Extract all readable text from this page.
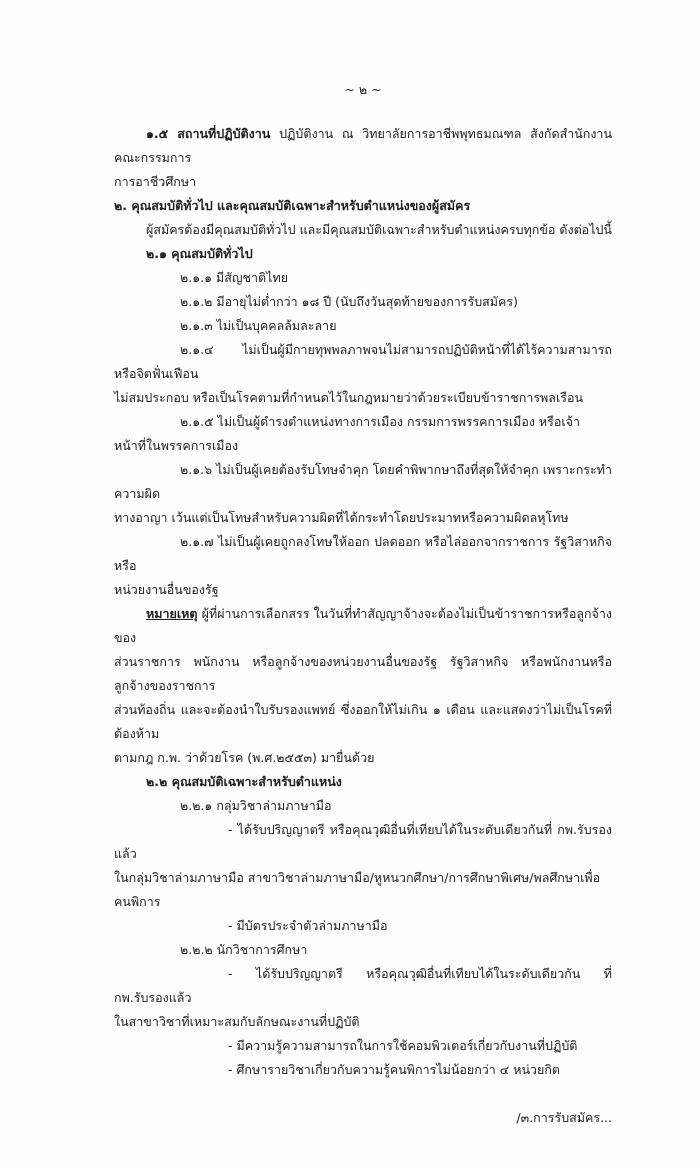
~ ๒ ~
๑.๕ สถานที่ปฏิบัติงาน ปฏิบัติงาน ณ วิทยาลัยการอาชีพพุทธมณฑล สังกัดสำนักงานคณะกรรมการ
การอาชีวศึกษา
๒. คุณสมบัติทั่วไป และคุณสมบัติเฉพาะสำหรับตำแหน่งของผู้สมัคร
ผู้สมัครต้องมีคุณสมบัติทั่วไป และมีคุณสมบัติเฉพาะสำหรับตำแหน่งครบทุกข้อ ดังต่อไปนี้
๒.๑ คุณสมบัติทั่วไป
๒.๑.๑ มีสัญชาติไทย
๒.๑.๒ มีอายุไม่ต่ำกว่า ๑๘ ปี (นับถึงวันสุดท้ายของการรับสมัคร)
๒.๑.๓ ไม่เป็นบุคคลล้มละลาย
๒.๑.๔ ไม่เป็นผู้มีกายทุพพลภาพจนไม่สามารถปฏิบัติหน้าที่ได้ไร้ความสามารถ หรือจิตฟั่นเฟือน
ไม่สมประกอบ หรือเป็นโรคตามที่กำหนดไว้ในกฎหมายว่าด้วยระเบียบข้าราชการพลเรือน
๒.๑.๕ ไม่เป็นผู้ดำรงตำแหน่งทางการเมือง กรรมการพรรคการเมือง หรือเจ้าหน้าที่ในพรรคการเมือง
๒.๑.๖ ไม่เป็นผู้เคยต้องรับโทษจำคุก โดยคำพิพากษาถึงที่สุดให้จำคุก เพราะกระทำความผิด
ทางอาญา เว้นแต่เป็นโทษสำหรับความผิดที่ได้กระทำโดยประมาทหรือความผิดลหุโทษ
๒.๑.๗ ไม่เป็นผู้เคยถูกลงโทษให้ออก ปลดออก หรือไล่ออกจากราชการ รัฐวิสาหกิจ หรือ
หน่วยงานอื่นของรัฐ
หมายเหตุ ผู้ที่ผ่านการเลือกสรร ในวันที่ทำสัญญาจ้างจะต้องไม่เป็นข้าราชการหรือลูกจ้างของ
ส่วนราชการ พนักงาน หรือลูกจ้างของหน่วยงานอื่นของรัฐ รัฐวิสาหกิจ หรือพนักงานหรือลูกจ้างของราชการ
ส่วนท้องถิ่น และจะต้องนำใบรับรองแพทย์ ซึ่งออกให้ไม่เกิน ๑ เดือน และแสดงว่าไม่เป็นโรคที่ต้องห้าม
ตามกฎ ก.พ. ว่าด้วยโรค (พ.ศ.๒๕๕๓) มายื่นด้วย
๒.๒ คุณสมบัติเฉพาะสำหรับตำแหน่ง
๒.๒.๑ กลุ่มวิชาล่ามภาษามือ
- ได้รับปริญญาตรี หรือคุณวุฒิอื่นที่เทียบได้ในระดับเดียวกันที่ กพ.รับรองแล้ว
ในกลุ่มวิชาล่ามภาษามือ สาขาวิชาล่ามภาษามือ/หูหนวกศึกษา/การศึกษาพิเศษ/พลศึกษาเพื่อคนพิการ
- มีบัตรประจำตัวล่ามภาษามือ
๒.๒.๒ นักวิชาการศึกษา
- ได้รับปริญญาตรี หรือคุณวุฒิอื่นที่เทียบได้ในระดับเดียวกัน ที่ กพ.รับรองแล้ว
ในสาขาวิชาที่เหมาะสมกับลักษณะงานที่ปฏิบัติ
- มีความรู้ความสามารถในการใช้คอมพิวเตอร์เกี่ยวกับงานที่ปฏิบัติ
- ศึกษารายวิชาเกี่ยวกับความรู้คนพิการไม่น้อยกว่า ๔ หน่วยกิต
/๓.การรับสมัคร...
